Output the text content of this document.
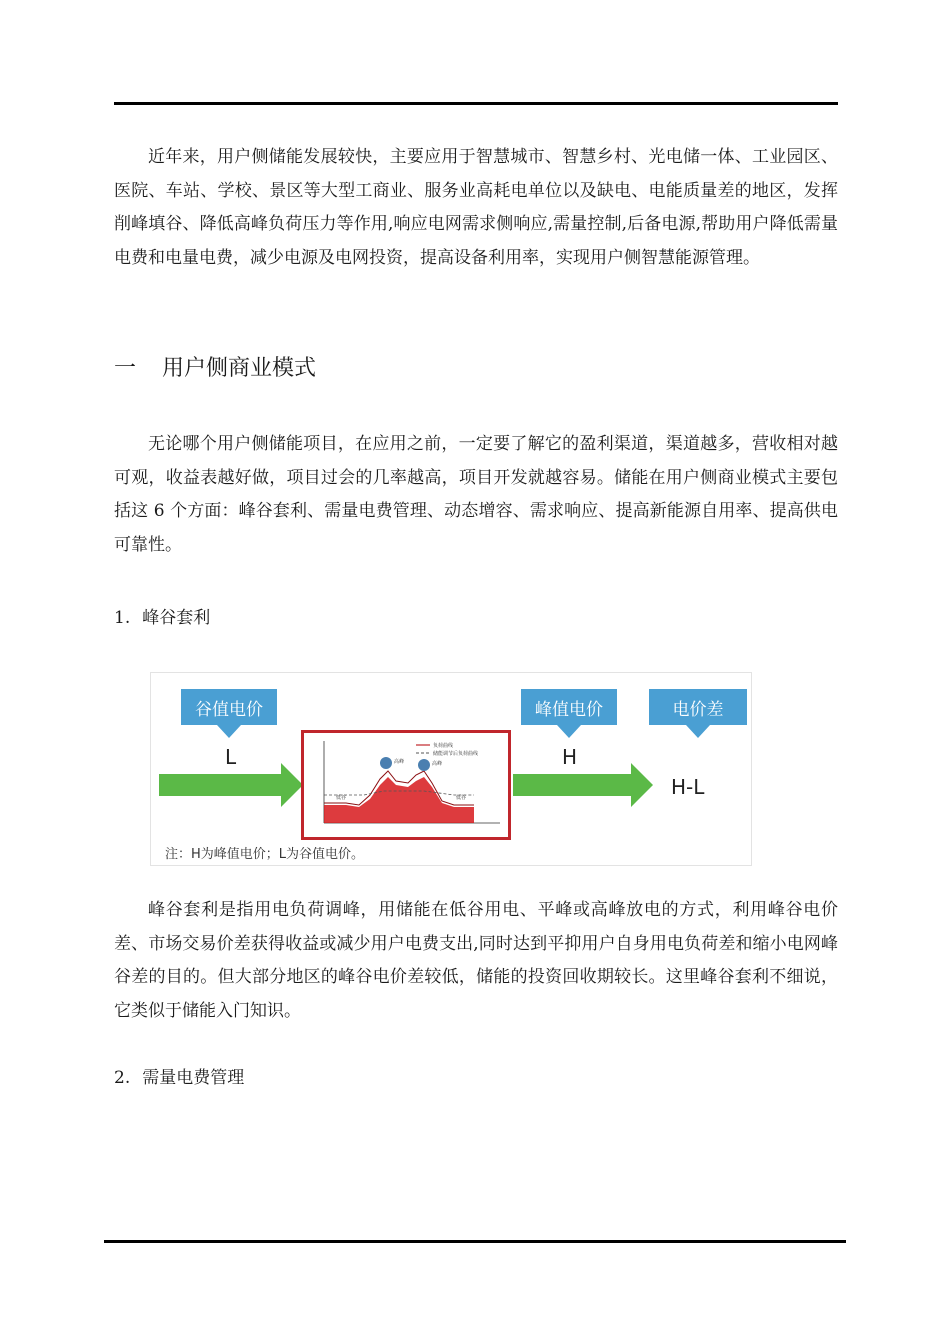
近年来，用户侧储能发展较快，主要应用于智慧城市、智慧乡村、光电储一体、工业园区、医院、车站、学校、景区等大型工商业、服务业高耗电单位以及缺电、电能质量差的地区，发挥削峰填谷、降低高峰负荷压力等作用,响应电网需求侧响应,需量控制,后备电源,帮助用户降低需量电费和电量电费，减少电源及电网投资，提高设备利用率，实现用户侧智慧能源管理。

一 用户侧商业模式

无论哪个用户侧储能项目，在应用之前，一定要了解它的盈利渠道，渠道越多，营收相对越可观，收益表越好做，项目过会的几率越高，项目开发就越容易。储能在用户侧商业模式主要包括这 6 个方面：峰谷套利、需量电费管理、动态增容、需求响应、提高新能源自用率、提高供电可靠性。

1. 峰谷套利
谷值电价	峰值电价	电价差
L	H
H-L
负荷曲线
储能调节后负荷曲线
低谷
高峰	高峰
低谷

注：H为峰值电价；L为谷值电价。

峰谷套利是指用电负荷调峰，用储能在低谷用电、平峰或高峰放电的方式，利用峰谷电价差、市场交易价差获得收益或减少用户电费支出,同时达到平抑用户自身用电负荷差和缩小电网峰谷差的目的。但大部分地区的峰谷电价差较低，储能的投资回收期较长。这里峰谷套利不细说，它类似于储能入门知识。

2. 需量电费管理
